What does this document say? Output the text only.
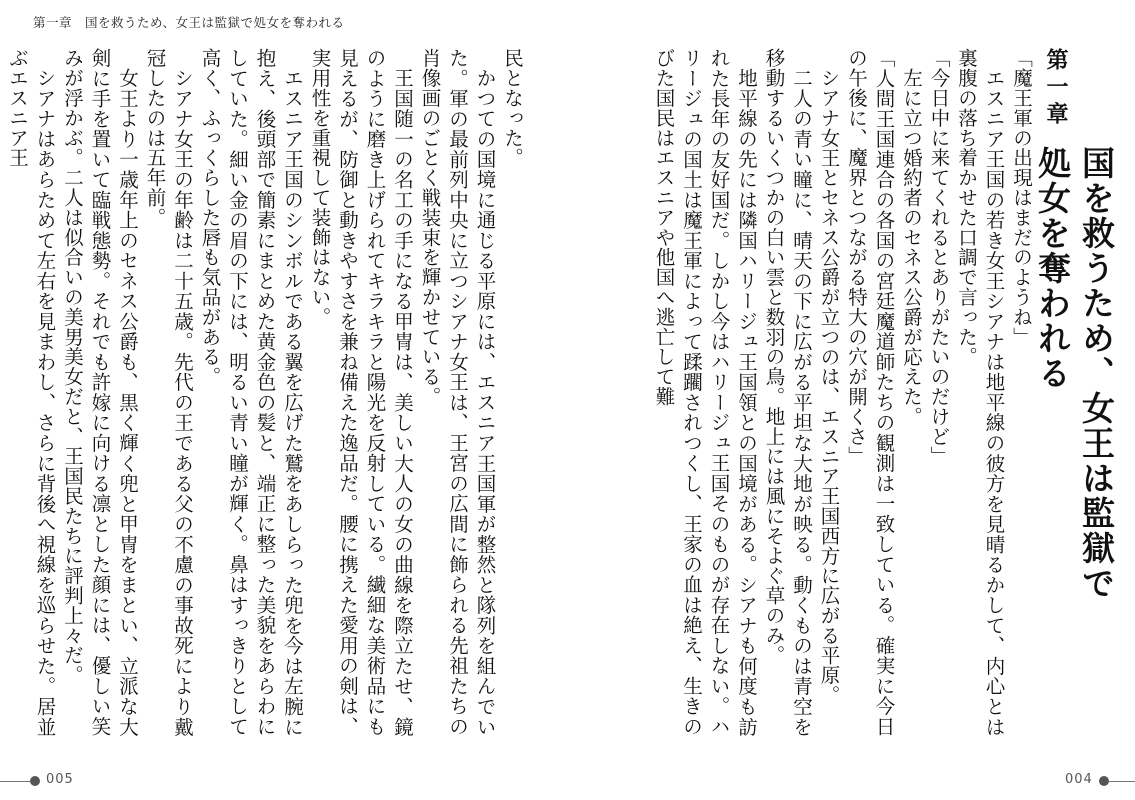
第一章　国を救うため、女王は監獄で処女を奪われる
第一章
国を救うため、女王は監獄で処女を奪われる

「魔王軍の出現はまだのようね」

エスニア王国の若き女王シアナは地平線の彼方を見晴るかして、内心とは裏腹の落ち着かせた口調で言った。

「今日中に来てくれるとありがたいのだけど」

左に立つ婚約者のセネス公爵が応えた。

「人間王国連合の各国の宮廷魔道師たちの観測は一致している。確実に今日の午後に、魔界とつながる特大の穴が開くさ」

シアナ女王とセネス公爵が立つのは、エスニア王国西方に広がる平原。

二人の青い瞳に、晴天の下に広がる平坦な大地が映る。動くものは青空を移動するいくつかの白い雲と数羽の鳥。地上には風にそよぐ草のみ。

地平線の先には隣国ハリージュ王国領との国境がある。シアナも何度も訪れた長年の友好国だ。しかし今はハリージュ王国そのものが存在しない。ハリージュの国土は魔王軍によって蹂躙されつくし、王家の血は絶え、生きのびた国民はエスニアや他国へ逃亡して難

民となった。

かつての国境に通じる平原には、エスニア王国軍が整然と隊列を組んでいた。軍の最前列中央に立つシアナ女王は、王宮の広間に飾られる先祖たちの肖像画のごとく戦装束を輝かせている。

王国随一の名工の手になる甲冑は、美しい大人の女の曲線を際立たせ、鏡のように磨き上げられてキラキラと陽光を反射している。繊細な美術品にも見えるが、防御と動きやすさを兼ね備えた逸品だ。腰に携えた愛用の剣は、実用性を重視して装飾はない。

エスニア王国のシンボルである翼を広げた鷲をあしらった兜を今は左腕に抱え、後頭部で簡素にまとめた黄金色の髪と、端正に整った美貌をあらわにしていた。細い金の眉の下には、明るい青い瞳が輝く。鼻はすっきりとして高く、ふっくらした唇も気品がある。

シアナ女王の年齢は二十五歳。先代の王である父の不慮の事故死により戴冠したのは五年前。

女王より一歳年上のセネス公爵も、黒く輝く兜と甲冑をまとい、立派な大剣に手を置いて臨戦態勢。それでも許嫁に向ける凛とした顔には、優しい笑みが浮かぶ。二人は似合いの美男美女だと、王国民たちに評判上々だ。

シアナはあらためて左右を見まわし、さらに背後へ視線を巡らせた。居並ぶエスニア王

005	004
